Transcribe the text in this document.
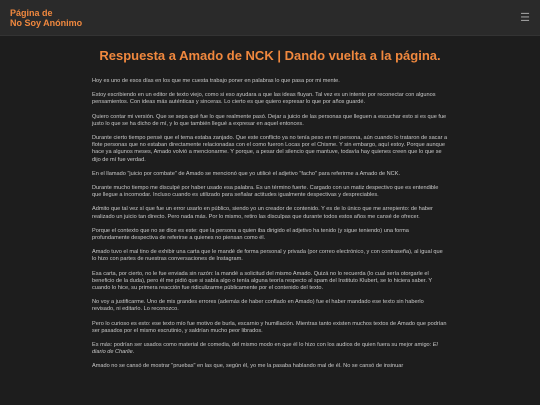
Página de
No Soy Anónimo	☰
Respuesta a Amado de NCK | Dando vuelta a la página.

Hoy es uno de esos días en los que me cuesta trabajo poner en palabras lo que pasa por mi mente.

Estoy escribiendo en un editor de texto viejo, como si eso ayudara a que las ideas fluyan. Tal vez es un intento por reconectar con algunos pensamientos. Con ideas más auténticas y sinceras. Lo cierto es que quiero expresar lo que por años guardé.

Quiero contar mi versión. Que se sepa qué fue lo que realmente pasó. Dejar a juicio de las personas que lleguen a escuchar esto si es que fue justo lo que se ha dicho de mí, y lo que también llegué a expresar en aquel entonces.

Durante cierto tiempo pensé que el tema estaba zanjado. Que este conflicto ya no tenía peso en mi persona, aún cuando lo trataron de sacar a flote personas que no estaban directamente relacionadas con el como fueron Locas por el Chisme. Y sin embargo, aquí estoy. Porque aunque hace ya algunos meses, Amado volvió a mencionarme. Y porque, a pesar del silencio que mantuve, todavía hay quienes creen que lo que se dijo de mí fue verdad.

En el llamado "juicio por combate" de Amado se mencionó que yo utilicé el adjetivo "facho" para referirme a Amado de NCK.

Durante mucho tiempo me disculpé por haber usado esa palabra. Es un término fuerte. Cargado con un matiz despectivo que es entendible que llegue a incomodar. Incluso cuando es utilizado para señalar actitudes igualmente despectivas y despreciables.

Admito que tal vez sí que fue un error usarlo en público, siendo yo un creador de contenido. Y es de lo único que me arrepiento: de haber realizado un juicio tan directo. Pero nada más. Por lo mismo, retiro las disculpas que durante todos estos años me cansé de ofrecer.

Porque el contexto que no se dice es este: que la persona a quien iba dirigido el adjetivo ha tenido (y sigue teniendo) una forma profundamente despectiva de referirse a quienes no piensan como él.

Amado tuvo el mal tino de exhibir una carta que le mandé de forma personal y privada (por correo electrónico, y con contraseña), al igual que lo hizo con partes de nuestras conversaciones de Instagram.

Esa carta, por cierto, no le fue enviada sin razón: la mandé a solicitud del mismo Amado. Quizá no lo recuerda (lo cual sería otorgarle el beneficio de la duda), pero él me pidió que si sabía algo o tenía alguna teoría respecto al spam del Instituto Klubert, se lo hiciera saber. Y cuando lo hice, su primera reacción fue ridiculizarme públicamente por el contenido del texto.

No voy a justificarme. Uno de mis grandes errores (además de haber confiado en Amado) fue el haber mandado ese texto sin haberlo revisado, ni editarlo. Lo reconozco.

Pero lo curioso es esto: ese texto mío fue motivo de burla, escarnio y humillación. Mientras tanto existen muchos textos de Amado que podrían ser pasados por el mismo escrutinio, y saldrían mucho peor librados.

Es más: podrían ser usados como material de comedia, del mismo modo en que él lo hizo con los audios de quien fuera su mejor amigo: El diario de Charlie.

Amado no se cansó de mostrar "pruebas" en las que, según él, yo me la pasaba hablando mal de él. No se cansó de insinuar
